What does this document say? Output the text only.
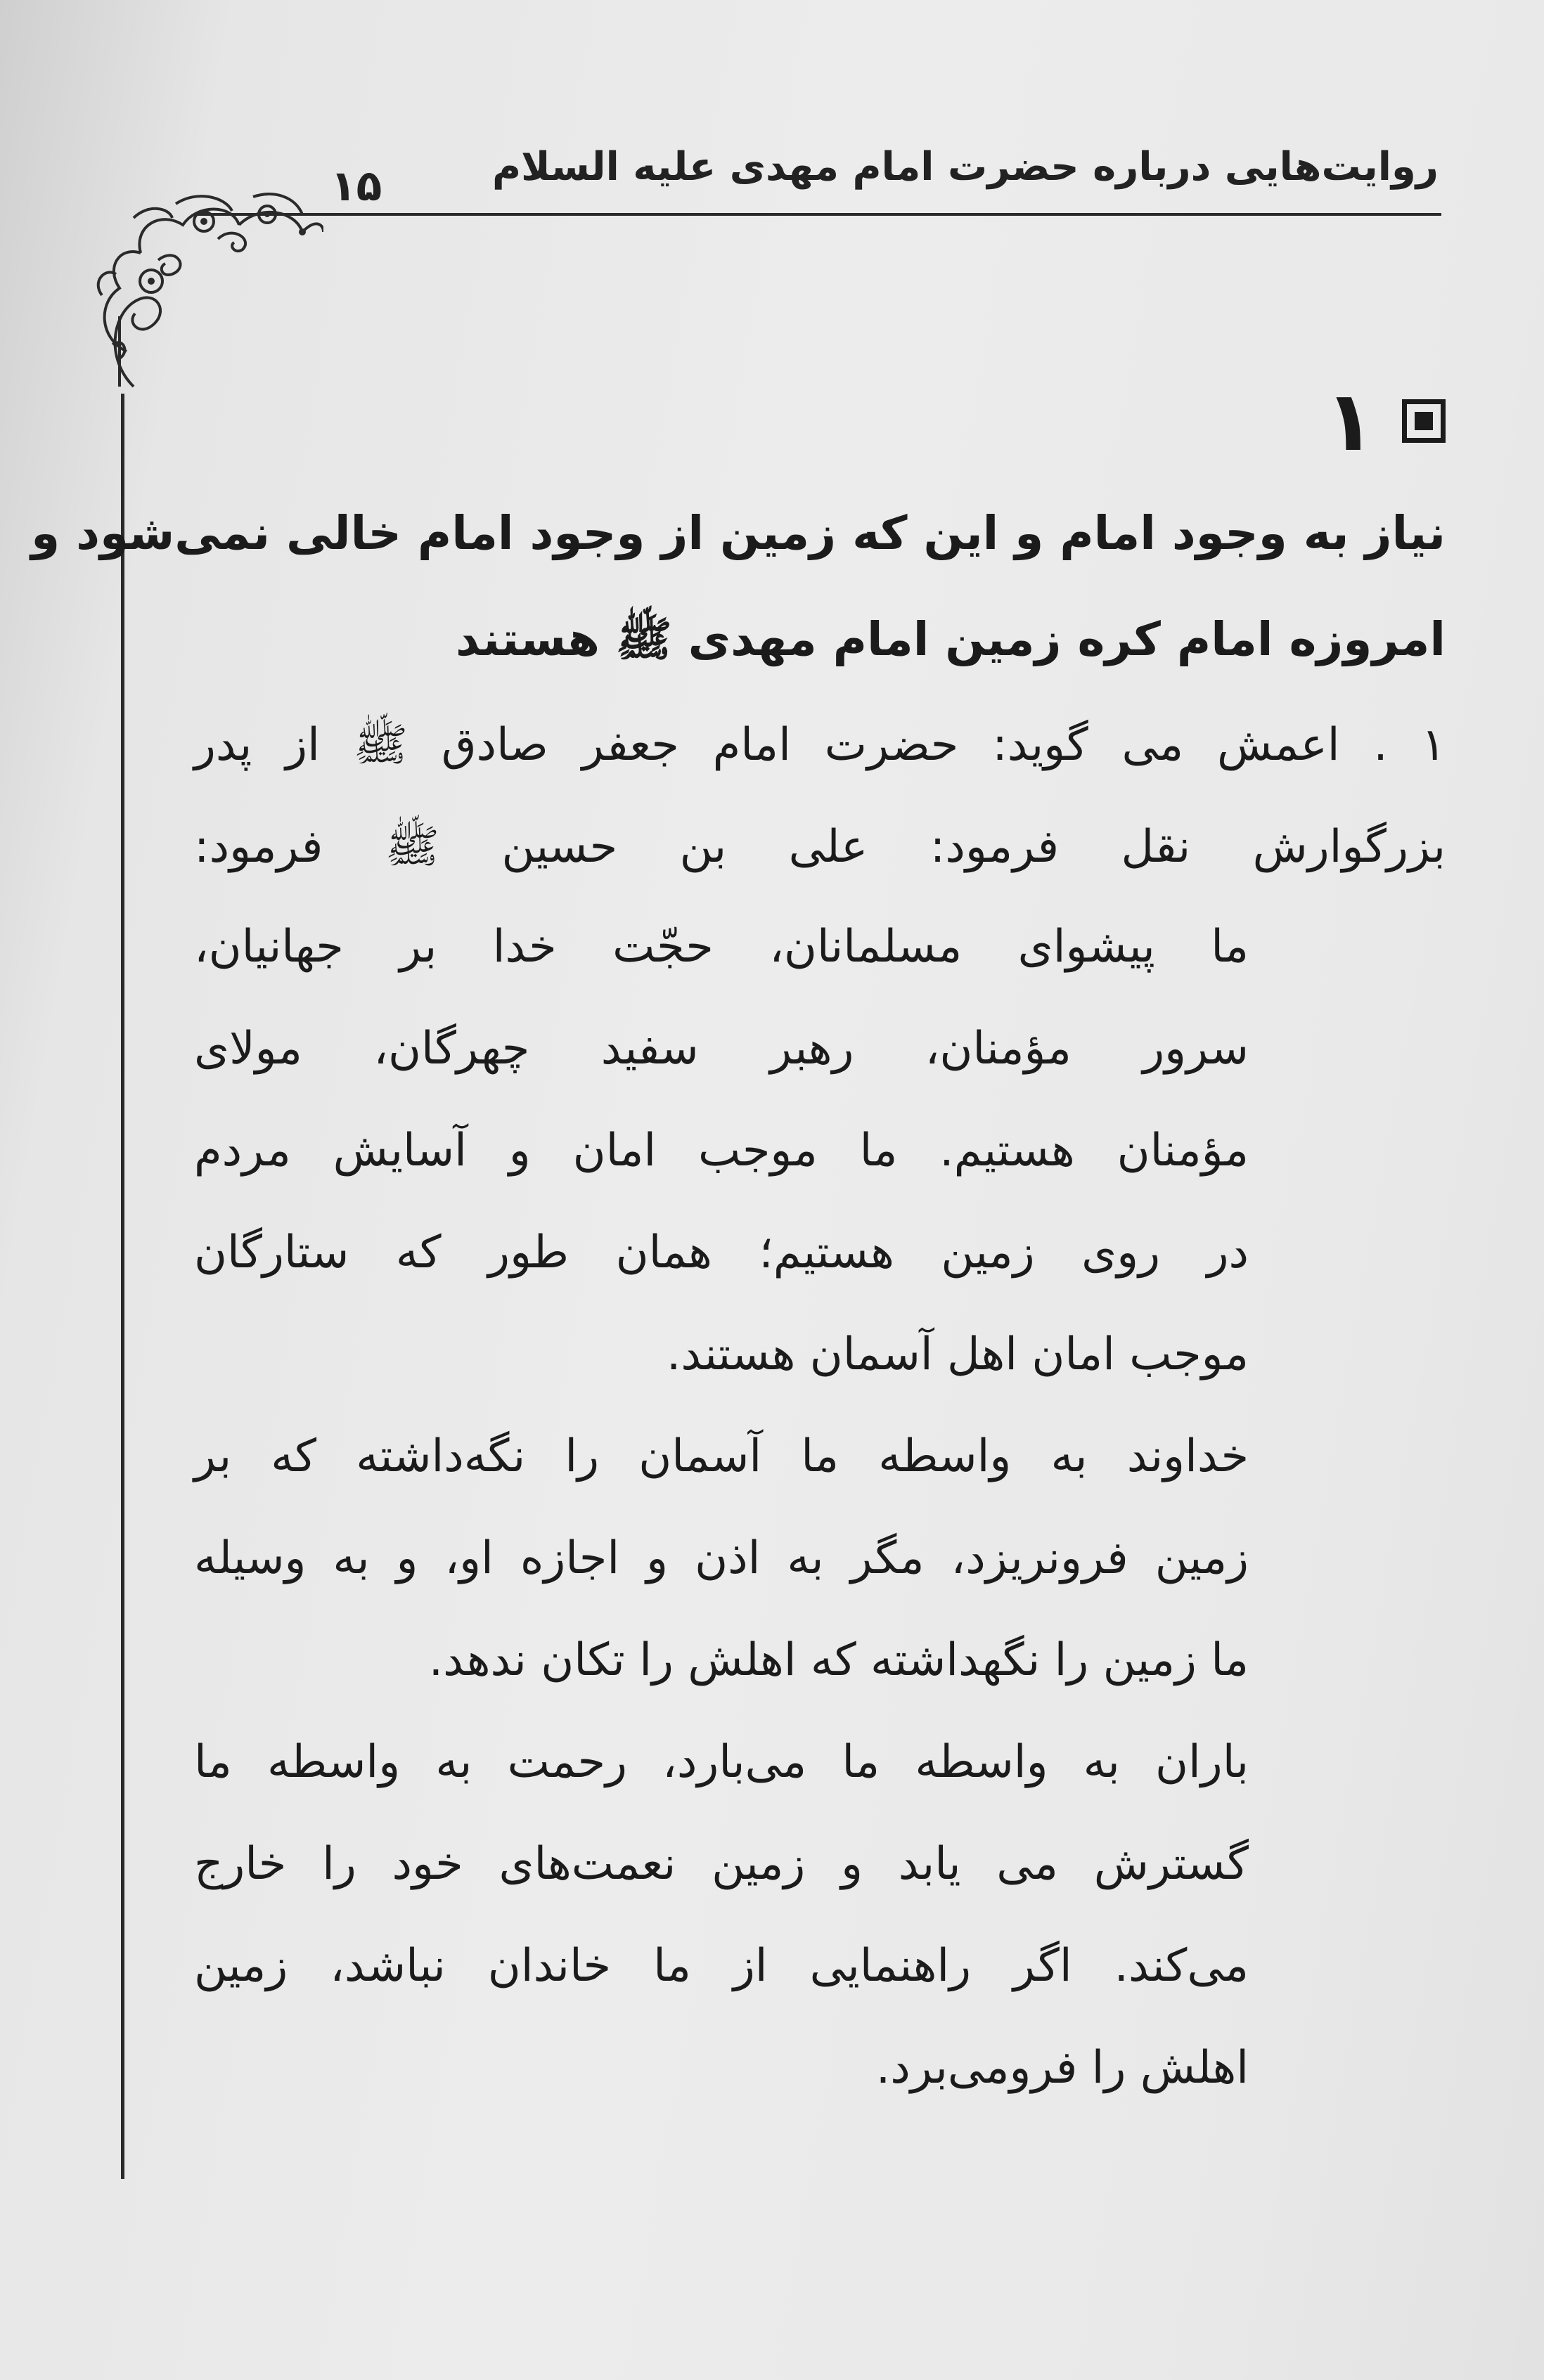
روایت‌هایی درباره حضرت امام مهدی علیه السلام
۱۵
۱

نیاز به وجود امام و این که زمین از وجود امام خالی نمی‌شود و

امروزه امام کره زمین امام مهدی ﷺ هستند

۱ . اعمش می گوید: حضرت امام جعفر صادق ﷺ از پدر

بزرگوارش نقل فرمود: علی بن حسین ﷺ فرمود:

ما پیشوای مسلمانان، حجّت خدا بر جهانیان،

سرور مؤمنان، رهبر سفید چهرگان، مولای

مؤمنان هستیم. ما موجب امان و آسایش مردم

در روی زمین هستیم؛ همان طور که ستارگان

موجب امان اهل آسمان هستند.

خداوند به واسطه ما آسمان را نگه‌داشته که بر

زمین فرونریزد، مگر به اذن و اجازه او، و به وسیله

ما زمین را نگهداشته که اهلش را تکان ندهد.

باران به واسطه ما می‌بارد، رحمت به واسطه ما

گسترش می یابد و زمین نعمت‌های خود را خارج

می‌کند. اگر راهنمایی از ما خاندان نباشد، زمین

اهلش را فرومی‌برد.
